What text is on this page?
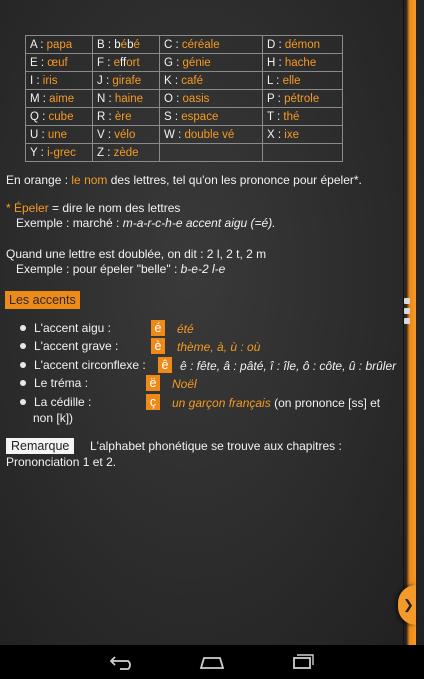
A : papa	B : bébé	C : céréale	D : démon
E : œuf	F : effort	G : génie	H : hache
I : iris	J : girafe	K : café	L : elle
M : aime	N : haine	O : oasis	P : pétrole
Q : cube	R : ère	S : espace	T : thé
U : une	V : vélo	W : double vé	X : ixe
Y : i-grec	Z : zède		
En orange : le nom des lettres, tel qu'on les prononce pour épeler*.
* Épeler = dire le nom des lettres
Exemple : marché : m-a-r-c-h-e accent aigu (=é).
Quand une lettre est doublée, on dit : 2 l, 2 t, 2 m
Exemple : pour épeler "belle" : b-e-2 l-e
Les accents
L'accent aigu :	é été
L'accent grave :	è thème, à, ù : où
L'accent circonflexe : ê ê : fête, â : pâté, î : île, ô : côte, û : brûler
Le tréma :	ë Noël
La cédille :	ç	un garçon français (on prononce [ss] et
non [k])
Remarque	L'alphabet phonétique se trouve aux chapitres :
Prononciation 1 et 2.
❯
